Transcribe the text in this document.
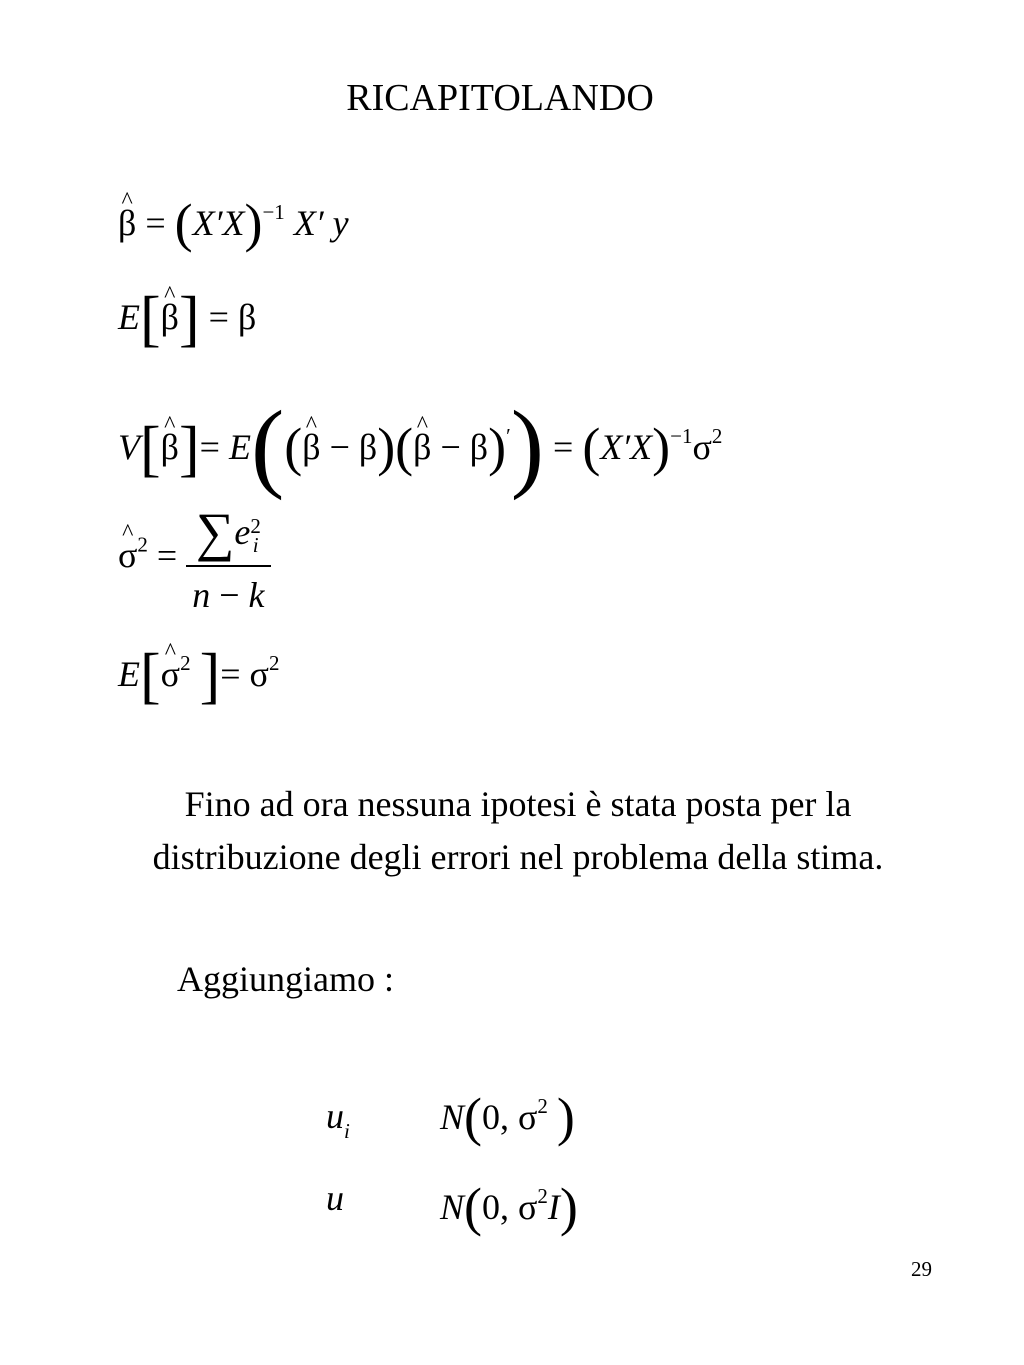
RICAPITOLANDO
^ $\beta = (X'X)^{-1}$ X′ y
E[^ β] = β
V[^ β]= E((^ β − β)(^ $\beta - \beta)') = (X'X)^{-1}\sigma^2$
^ $\sigma^2 = \sum e$ 2
i
n − k
E[^ $\sigma^2$ ]= $\sigma^2$
Fino ad ora nessuna ipotesi è stata posta per la
distribuzione degli errori nel problema della stima.
Aggiungiamo :
$u_i$	N(0, $\sigma^2$ )
u	N(0, $\sigma^2I$)
29
